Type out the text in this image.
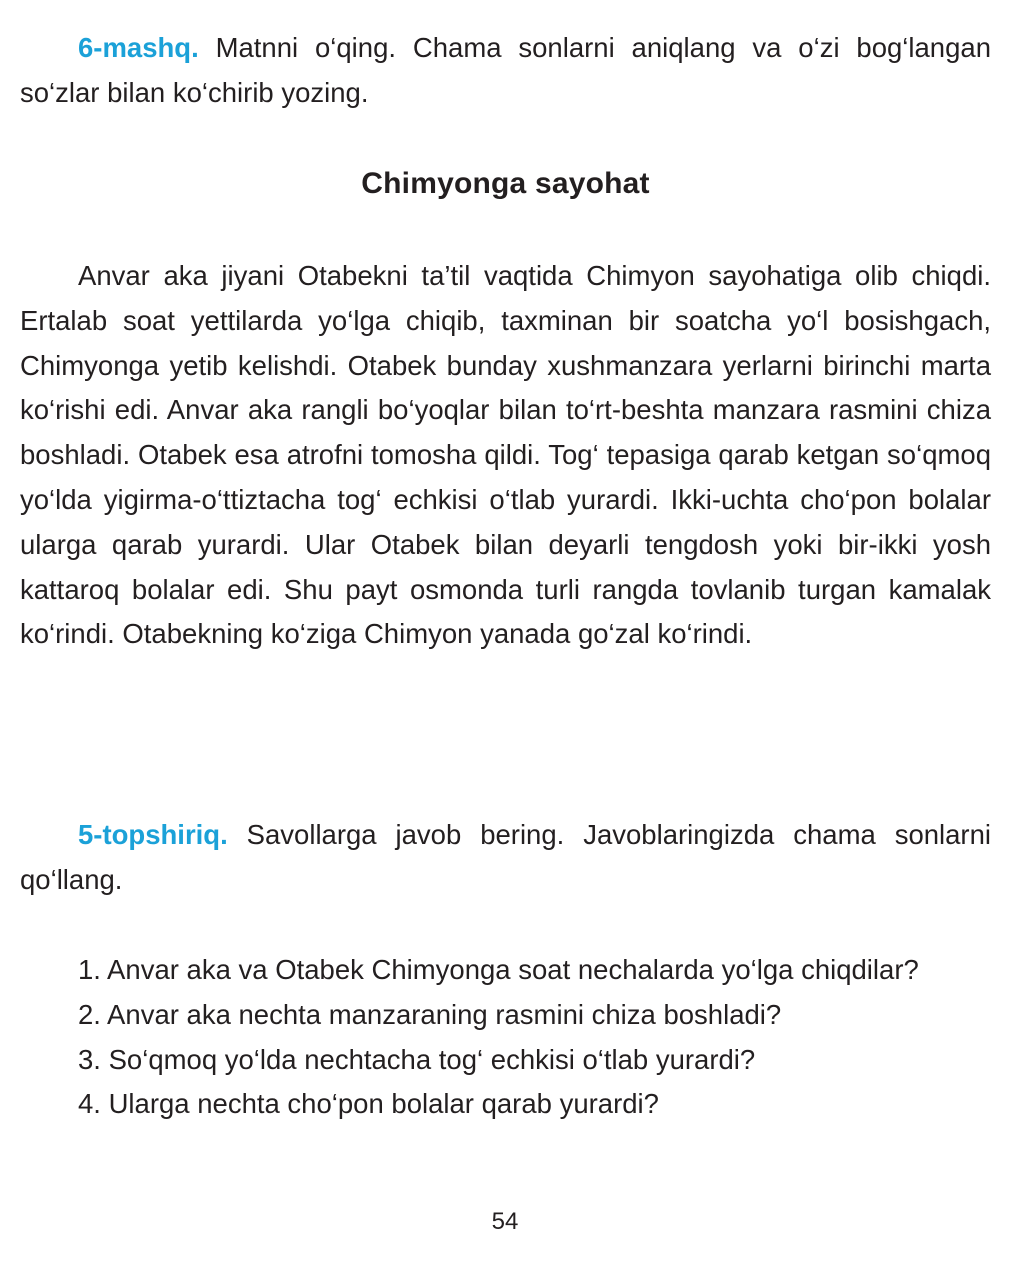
6-mashq. Matnni o‘qing. Chama sonlarni aniqlang va o‘zi bog‘langan so‘zlar bilan ko‘chirib yozing.

Chimyonga sayohat

Anvar aka jiyani Otabekni ta’til vaqtida Chimyon sayohatiga olib chiqdi. Ertalab soat yettilarda yo‘lga chiqib, taxminan bir soatcha yo‘l bosishgach, Chimyonga yetib kelishdi. Otabek bunday xushmanzara yerlarni birinchi marta ko‘rishi edi. Anvar aka rangli bo‘yoqlar bilan to‘rt-beshta manzara rasmini chiza boshladi. Otabek esa atrofni tomosha qildi. Tog‘ tepasiga qarab ketgan so‘qmoq yo‘lda yigirma-o‘ttiztacha tog‘ echkisi o‘tlab yurardi. Ikki-uchta cho‘pon bolalar ularga qarab yurardi. Ular Otabek bilan deyarli tengdosh yoki bir-ikki yosh kattaroq bolalar edi. Shu payt osmonda turli rangda tovlanib turgan kamalak ko‘rindi. Otabekning ko‘ziga Chimyon yanada go‘zal ko‘rindi.

5-topshiriq. Savollarga javob bering. Javoblaringizda chama sonlarni qo‘llang.

1. Anvar aka va Otabek Chimyonga soat nechalarda yo‘lga chiqdilar?

2. Anvar aka nechta manzaraning rasmini chiza boshladi?

3. So‘qmoq yo‘lda nechtacha tog‘ echkisi o‘tlab yurardi?

4. Ularga nechta cho‘pon bolalar qarab yurardi?

54
